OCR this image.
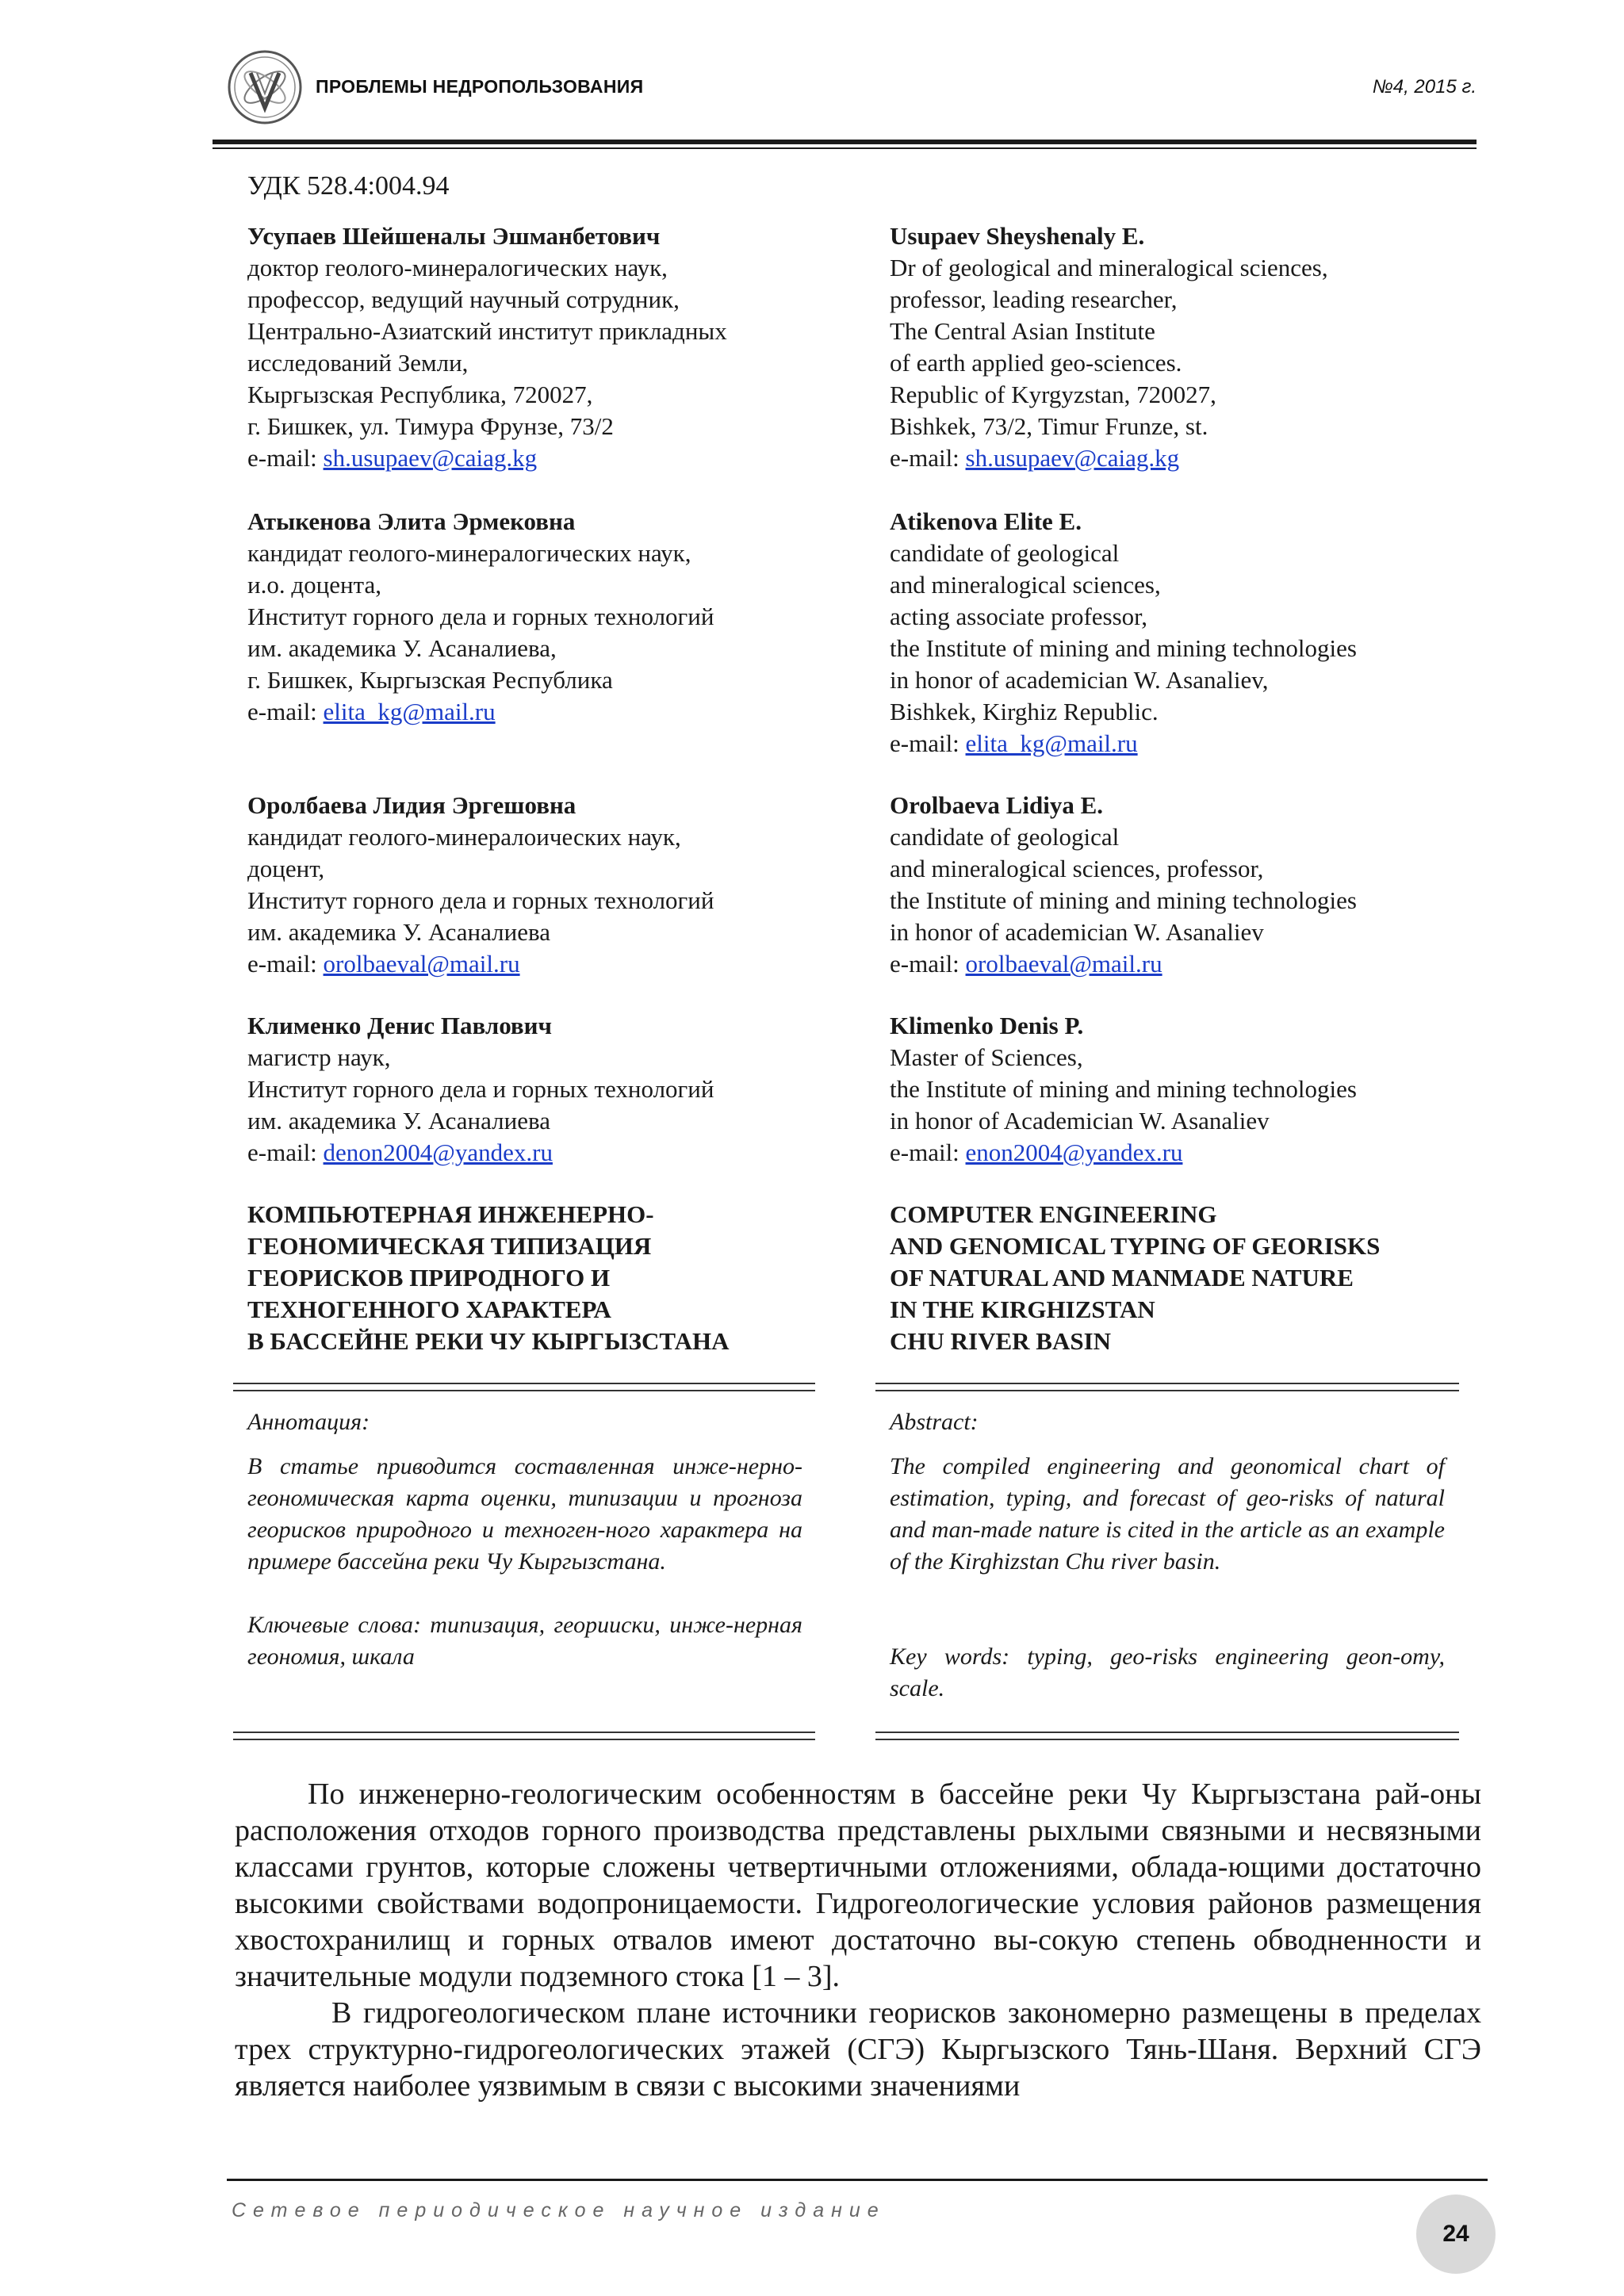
ПРОБЛЕМЫ НЕДРОПОЛЬЗОВАНИЯ	№4, 2015 г.
УДК 528.4:004.94

Усупаев Шейшеналы Эшманбетович

доктор геолого-минералогических наук,

профессор, ведущий научный сотрудник,

Центрально-Азиатский институт прикладных

исследований Земли,

Кыргызская Республика, 720027,

г. Бишкек, ул. Тимура Фрунзе, 73/2

e-mail: sh.usupaev@caiag.kg

Атыкенова Элита Эрмековна

кандидат геолого-минералогических наук,

и.о. доцента,

Институт горного дела и горных технологий

им. академика У. Асаналиева,

г. Бишкек, Кыргызская Республика

e-mail: elita_kg@mail.ru

Оролбаева Лидия Эргешовна

кандидат геолого-минералоических наук,

доцент,

Институт горного дела и горных технологий

им. академика У. Асаналиева

e-mail: orolbaeval@mail.ru

Клименко Денис Павлович

магистр наук,

Институт горного дела и горных технологий

им. академика У. Асаналиева

e-mail: denon2004@yandex.ru

Usupaev Sheyshenaly E.

Dr of geological and mineralogical sciences,

professor, leading researcher,

The Central Asian Institute

of earth applied geo-sciences.

Republic of Kyrgyzstan, 720027,

Bishkek, 73/2, Timur Frunze, st.

e-mail: sh.usupaev@caiag.kg

Atikenova Elite E.

candidate of geological

and mineralogical sciences,

acting associate professor,

the Institute of mining and mining technologies

in honor of academician W. Asanaliev,

Bishkek, Kirghiz Republic.

e-mail: elita_kg@mail.ru

Orolbaeva Lidiya E.

candidate of geological

and mineralogical sciences, professor,

the Institute of mining and mining technologies

in honor of academician W. Asanaliev

e-mail: orolbaeval@mail.ru

Klimenko Denis P.

Master of Sciences,

the Institute of mining and mining technologies

in honor of Academician W. Asanaliev

e-mail: enon2004@yandex.ru

КОМПЬЮТЕРНАЯ ИНЖЕНЕРНО-

ГЕОНОМИЧЕСКАЯ ТИПИЗАЦИЯ

ГЕОРИСКОВ ПРИРОДНОГО И

ТЕХНОГЕННОГО ХАРАКТЕРА

В БАССЕЙНЕ РЕКИ ЧУ КЫРГЫЗСТАНА

COMPUTER ENGINEERING

AND GENOMICAL TYPING OF GEORISKS

OF NATURAL AND MANMADE NATURE

IN THE KIRGHIZSTAN

CHU RIVER BASIN

Аннотация:

В статье приводится составленная инже-нерно-геономическая карта оценки, типизации и прогноза георисков природного и техноген-ного характера на примере бассейна реки Чу Кыргызстана.

Ключевые слова: типизация, георииски, инже-нерная геономия, шкала

Abstract:

The compiled engineering and geonomical chart of estimation, typing, and forecast of geo-risks of natural and man-made nature is cited in the article as an example of the Kirghizstan Chu river basin.

Key words: typing, geo-risks engineering geon-omy, scale.

По инженерно-геологическим особенностям в бассейне реки Чу Кыргызстана рай-оны расположения отходов горного производства представлены рыхлыми связными и несвязными классами грунтов, которые сложены четвертичными отложениями, облада-ющими достаточно высокими свойствами водопроницаемости. Гидрогеологические условия районов размещения хвостохранилищ и горных отвалов имеют достаточно вы-сокую степень обводненности и значительные модули подземного стока [1 – 3].

В гидрогеологическом плане источники георисков закономерно размещены в пределах трех структурно-гидрогеологических этажей (СГЭ) Кыргызского Тянь-Шаня. Верхний СГЭ является наиболее уязвимым в связи с высокими значениями

Сетевое периодическое научное издание
24
